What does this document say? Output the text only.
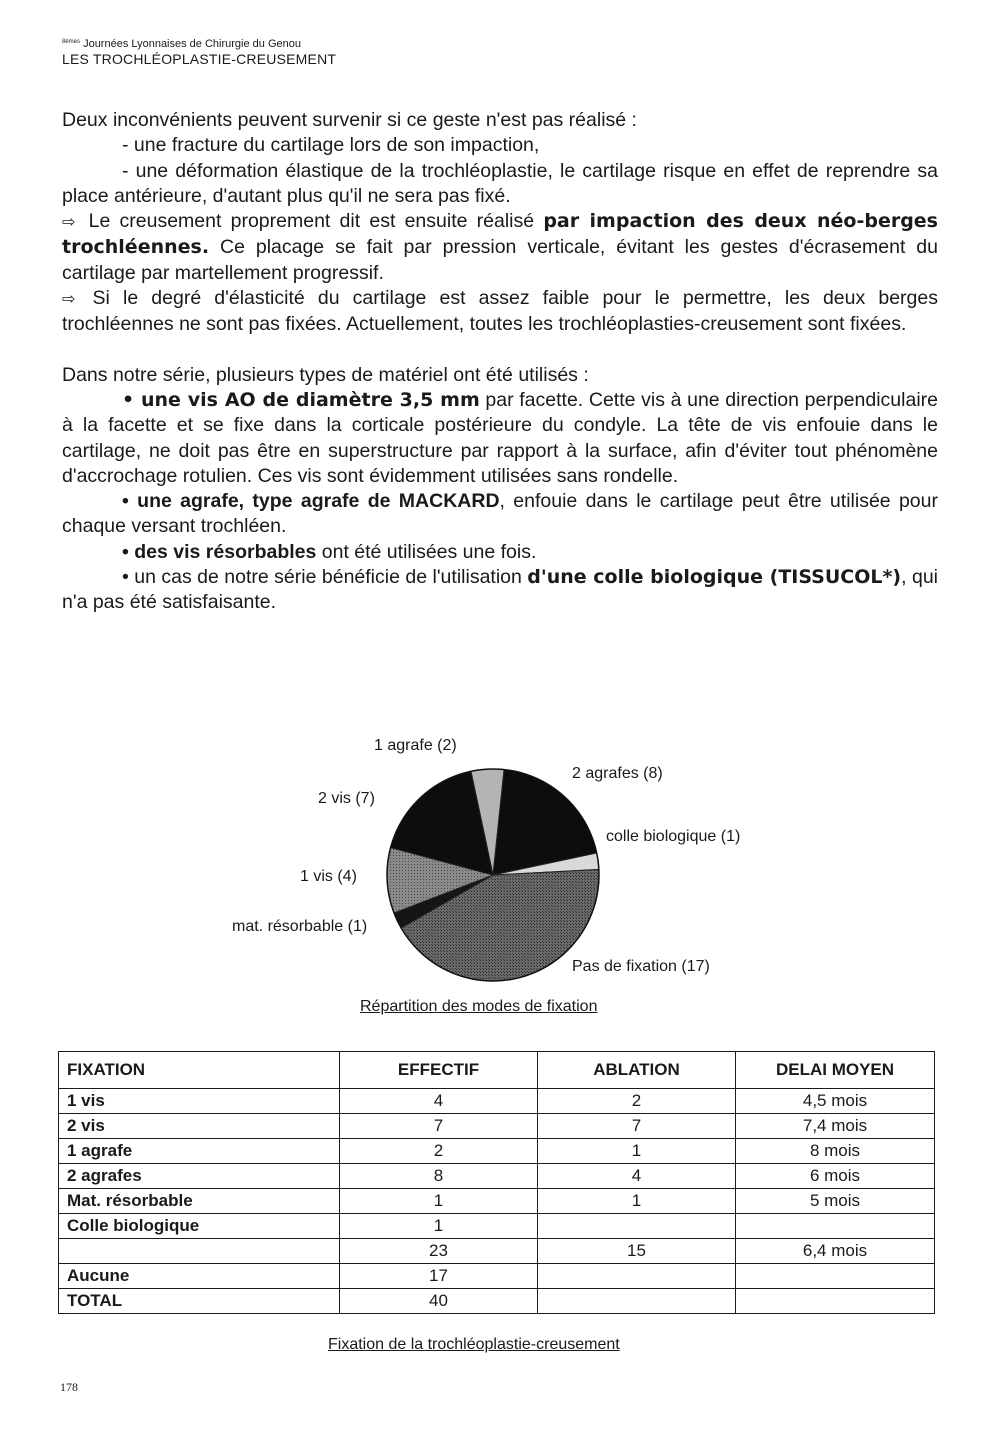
$^{8èmes}$ Journées Lyonnaises de Chirurgie du Genou
LES TROCHLÉOPLASTIE-CREUSEMENT

Deux inconvénients peuvent survenir si ce geste n'est pas réalisé :

- une fracture du cartilage lors de son impaction,

- une déformation élastique de la trochléoplastie, le cartilage risque en effet de reprendre sa place antérieure, d'autant plus qu'il ne sera pas fixé.

⇨ Le creusement proprement dit est ensuite réalisé par impaction des deux néo-berges trochléennes. Ce placage se fait par pression verticale, évitant les gestes d'écrasement du cartilage par martellement progressif.

⇨ Si le degré d'élasticité du cartilage est assez faible pour le permettre, les deux berges trochléennes ne sont pas fixées. Actuellement, toutes les trochléoplasties-creusement sont fixées.

Dans notre série, plusieurs types de matériel ont été utilisés :

• une vis AO de diamètre 3,5 mm par facette. Cette vis à une direction perpendiculaire à la facette et se fixe dans la corticale postérieure du condyle. La tête de vis enfouie dans le cartilage, ne doit pas être en superstructure par rapport à la surface, afin d'éviter tout phénomène d'accrochage rotulien. Ces vis sont évidemment utilisées sans rondelle.

• une agrafe, type agrafe de MACKARD, enfouie dans le cartilage peut être utilisée pour chaque versant trochléen.

• des vis résorbables ont été utilisées une fois.

• un cas de notre série bénéficie de l'utilisation d'une colle biologique (TISSUCOL*), qui n'a pas été satisfaisante.

1 agrafe (2)
2 agrafes (8)
colle biologique (1)
Pas de fixation (17)
mat. résorbable (1)
1 vis (4)
2 vis (7)
Répartition des modes de fixation
FIXATION	EFFECTIF	ABLATION	DELAI MOYEN
1 vis	4	2	4,5 mois
2 vis	7	7	7,4 mois
1 agrafe	2	1	8 mois
2 agrafes	8	4	6 mois
Mat. résorbable	1	1	5 mois
Colle biologique	1		
	23	15	6,4 mois
Aucune	17		
TOTAL	40		
Fixation de la trochléoplastie-creusement
178
